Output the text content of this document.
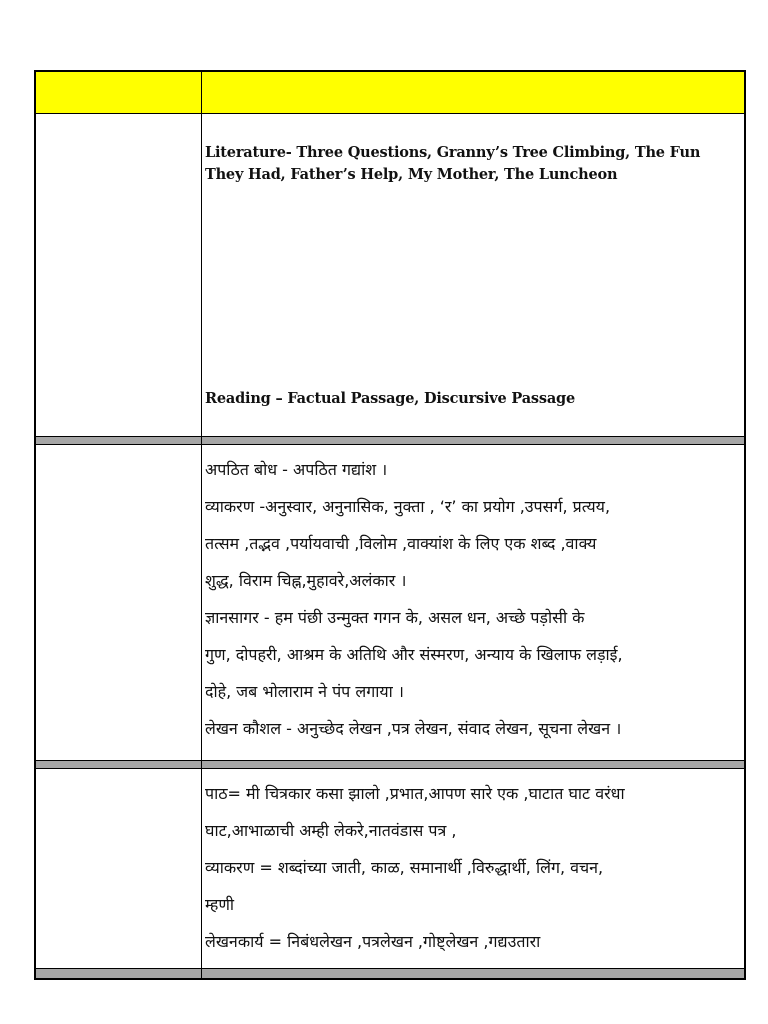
Literature- Three Questions, Granny’s Tree Climbing, The Fun They Had, Father’s Help, My Mother, The Luncheon
Reading – Factual Passage, Discursive Passage
अपठित बोध - अपठित गद्यांश ।
व्याकरण -अनुस्वार, अनुनासिक, नुक्ता , ‘र’ का प्रयोग ,उपसर्ग, प्रत्यय,
तत्सम ,तद्भव ,पर्यायवाची ,विलोम ,वाक्यांश के लिए एक शब्द ,वाक्य
शुद्ध, विराम चिह्न,मुहावरे,अलंकार ।
ज्ञानसागर - हम पंछी उन्मुक्त गगन के, असल धन, अच्छे पड़ोसी के
गुण, दोपहरी, आश्रम के अतिथि और संस्मरण, अन्याय के खिलाफ लड़ाई,
दोहे, जब भोलाराम ने पंप लगाया ।
लेखन कौशल - अनुच्छेद लेखन ,पत्र लेखन, संवाद लेखन, सूचना लेखन ।
पाठ= मी चित्रकार कसा झालो ,प्रभात,आपण सारे एक ,घाटात घाट वरंधा
घाट,आभाळाची अम्ही लेकरे,नातवंडास पत्र ,
व्याकरण = शब्दांच्या जाती, काळ, समानार्थी ,विरुद्धार्थी, लिंग, वचन,
म्हणी
लेखनकार्य = निबंधलेखन ,पत्रलेखन ,गोष्ट्लेखन ,गद्यउतारा
